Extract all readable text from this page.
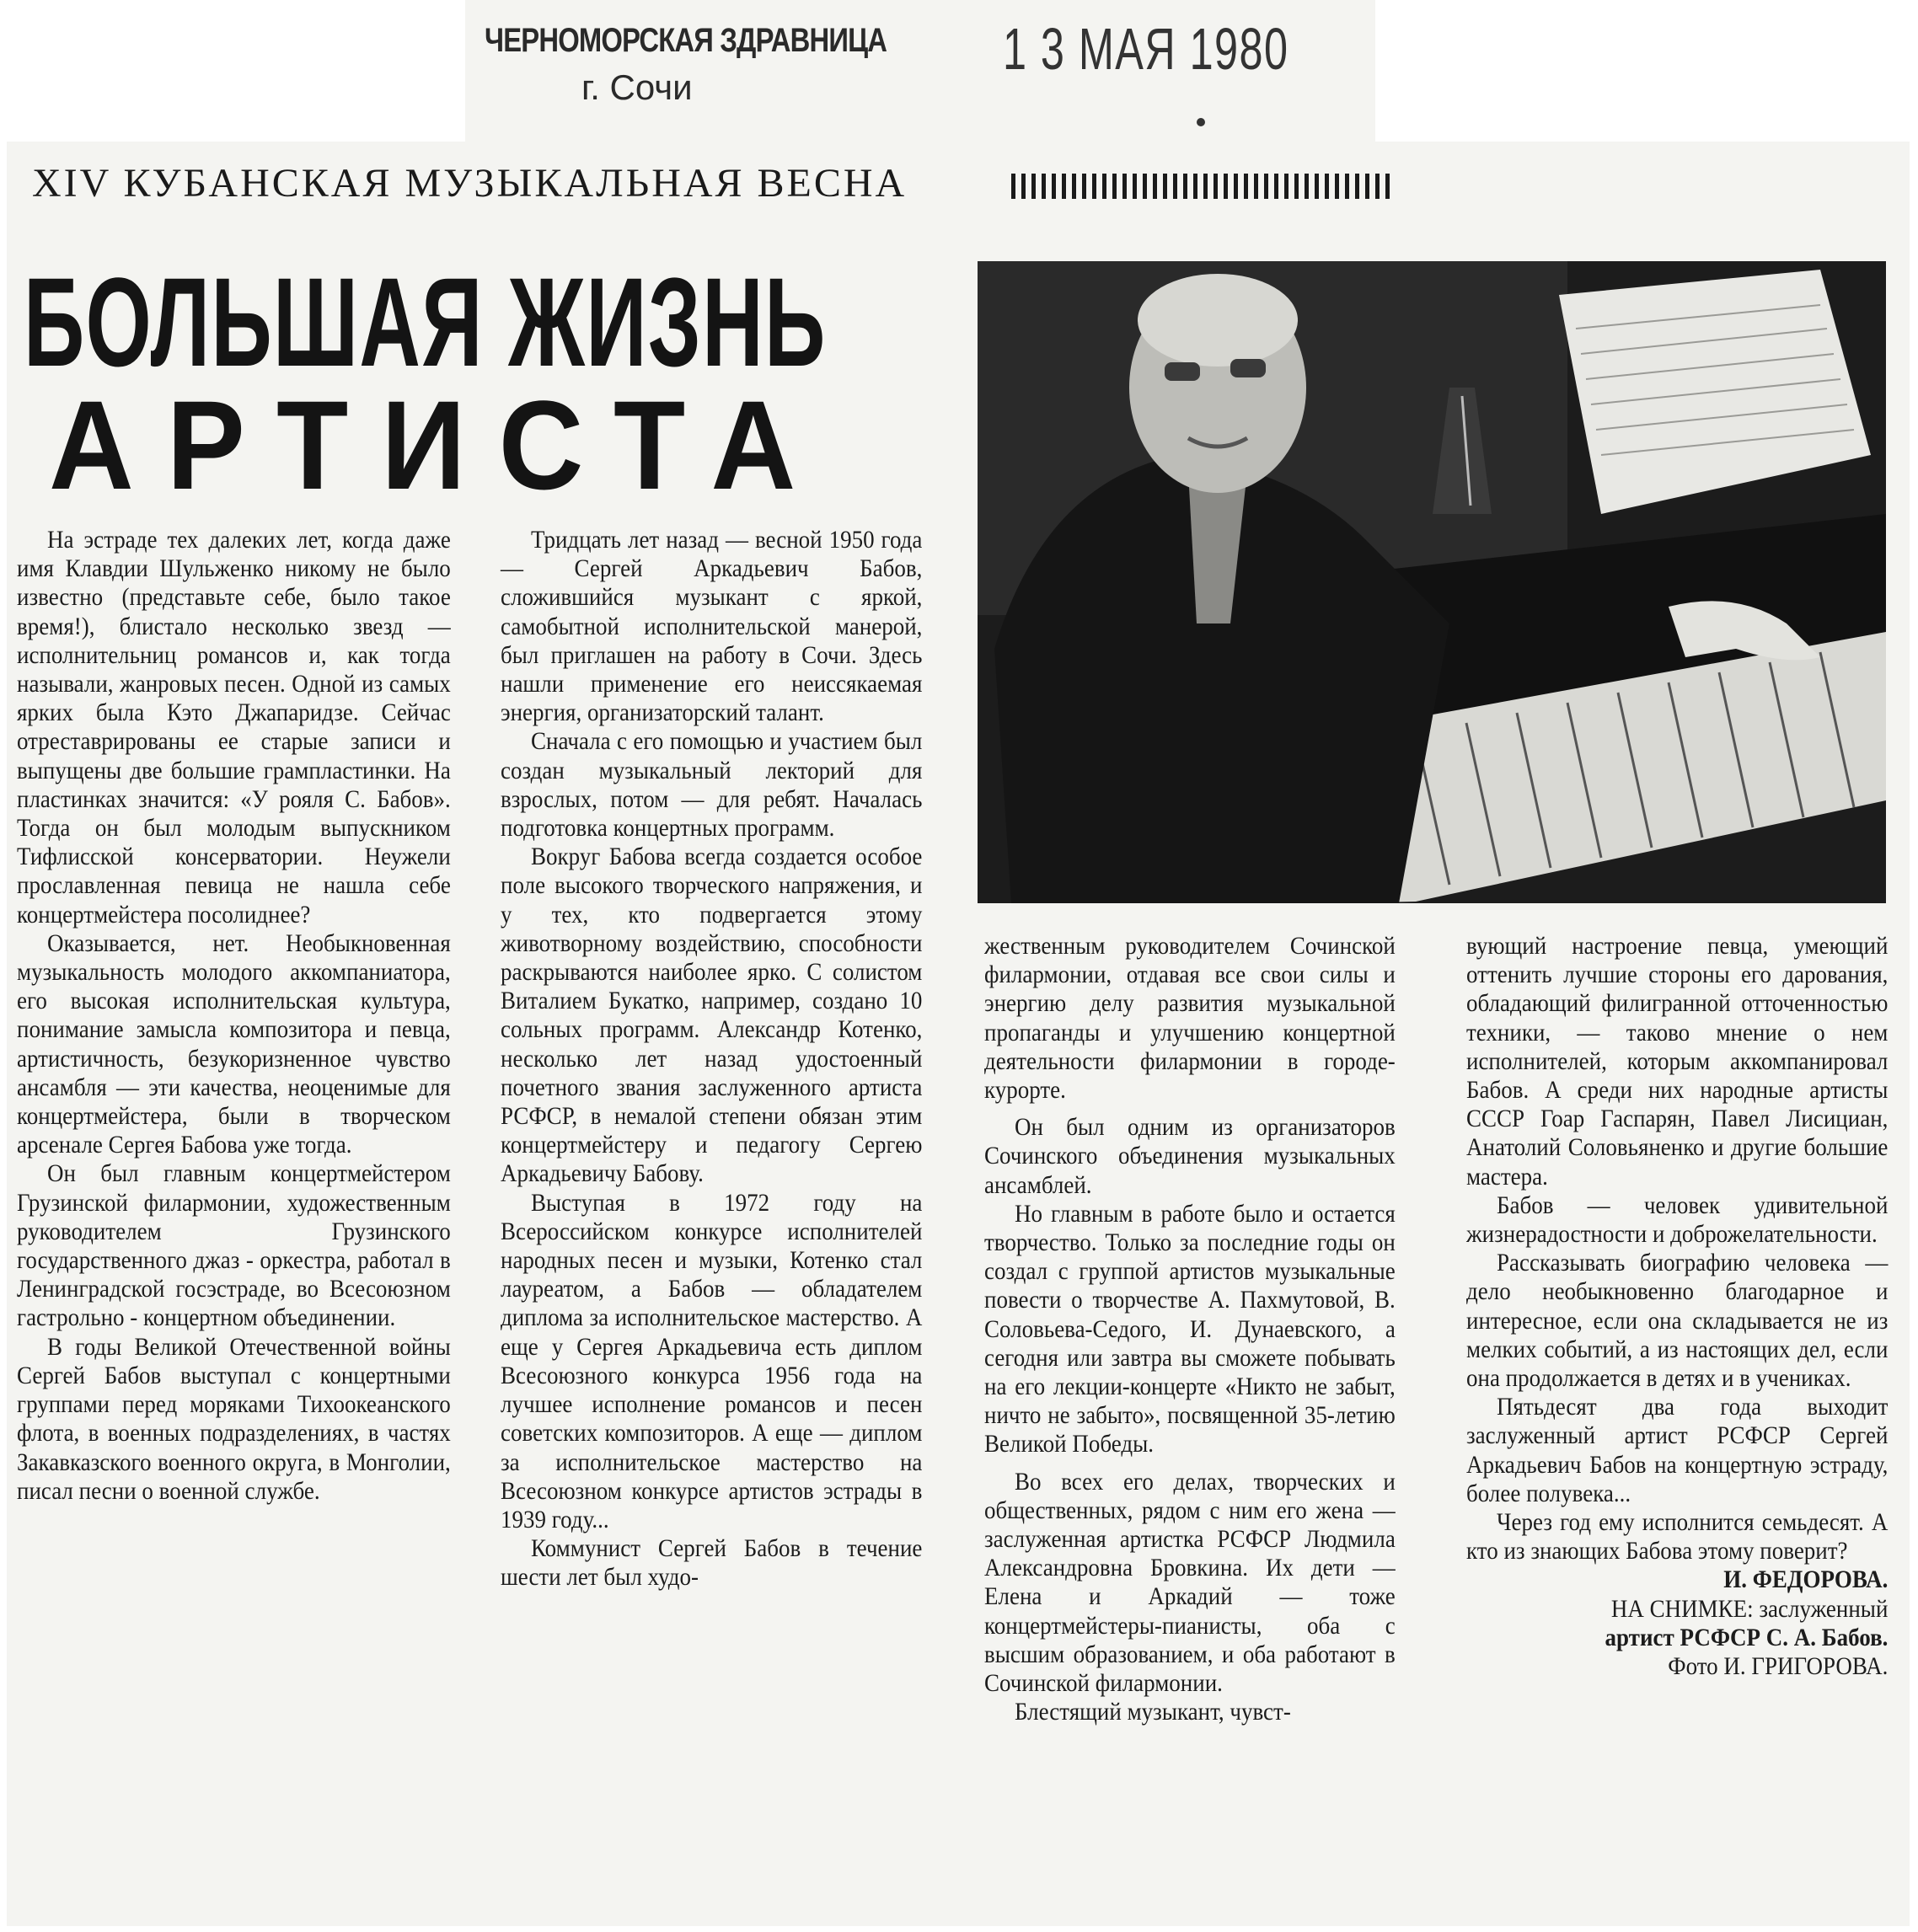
ЧЕРНОМОРСКАЯ ЗДРАВНИЦА
г. Сочи
1 3 МАЯ 1980
XIV КУБАНСКАЯ МУЗЫКАЛЬНАЯ ВЕСНА
БОЛЬШАЯ ЖИЗНЬ
АРТИСТА

На эстраде тех далеких лет, когда даже имя Клавдии Шульженко никому не было известно (представьте себе, было такое время!), блистало несколько звезд — исполнительниц романсов и, как тогда называли, жанровых песен. Одной из самых ярких была Кэто Джапаридзе. Сейчас отреставрированы ее старые записи и выпущены две большие грампластинки. На пластинках значится: «У рояля С. Бабов». Тогда он был молодым выпускником Тифлисской консерватории. Неужели прославленная певица не нашла себе концертмейстера посолиднее?

Оказывается, нет. Необыкновенная музыкальность молодого аккомпаниатора, его высокая исполнительская культура, понимание замысла композитора и певца, артистичность, безукоризненное чувство ансамбля — эти качества, неоценимые для концертмейстера, были в творческом арсенале Сергея Бабова уже тогда.

Он был главным концертмейстером Грузинской филармонии, художественным руководителем Грузинского государственного джаз - оркестра, работал в Ленинградской госэстраде, во Всесоюзном гастрольно - концертном объединении.

В годы Великой Отечественной войны Сергей Бабов выступал с концертными группами перед моряками Тихоокеанского флота, в военных подразделениях, в частях Закавказского военного округа, в Монголии, писал песни о военной службе.

Тридцать лет назад — весной 1950 года — Сергей Аркадьевич Бабов, сложившийся музыкант с яркой, самобытной исполнительской манерой, был приглашен на работу в Сочи. Здесь нашли применение его неиссякаемая энергия, организаторский талант.

Сначала с его помощью и участием был создан музыкальный лекторий для взрослых, потом — для ребят. Началась подготовка концертных программ.

Вокруг Бабова всегда создается особое поле высокого творческого напряжения, и у тех, кто подвергается этому животворному воздействию, способности раскрываются наиболее ярко. С солистом Виталием Букатко, например, создано 10 сольных программ. Александр Котенко, несколько лет назад удостоенный почетного звания заслуженного артиста РСФСР, в немалой степени обязан этим концертмейстеру и педагогу Сергею Аркадьевичу Бабову.

Выступая в 1972 году на Всероссийском конкурсе исполнителей народных песен и музыки, Котенко стал лауреатом, а Бабов — обладателем диплома за исполнительское мастерство. А еще у Сергея Аркадьевича есть диплом Всесоюзного конкурса 1956 года на лучшее исполнение романсов и песен советских композиторов. А еще — диплом за исполнительское мастерство на Всесоюзном конкурсе артистов эстрады в 1939 году...

Коммунист Сергей Бабов в течение шести лет был худо-

жественным руководителем Сочинской филармонии, отдавая все свои силы и энергию делу развития музыкальной пропаганды и улучшению концертной деятельности филармонии в городе-курорте.

Он был одним из организаторов Сочинского объединения музыкальных ансамблей.

Но главным в работе было и остается творчество. Только за последние годы он создал с группой артистов музыкальные повести о творчестве А. Пахмутовой, В. Соловьева-Седого, И. Дунаевского, а сегодня или завтра вы сможете побывать на его лекции-концерте «Никто не забыт, ничто не забыто», посвященной 35-летию Великой Победы.

Во всех его делах, творческих и общественных, рядом с ним его жена — заслуженная артистка РСФСР Людмила Александровна Бровкина. Их дети — Елена и Аркадий — тоже концертмейстеры-пианисты, оба с высшим образованием, и оба работают в Сочинской филармонии.

Блестящий музыкант, чувст-

вующий настроение певца, умеющий оттенить лучшие стороны его дарования, обладающий филигранной отточенностью техники, — таково мнение о нем исполнителей, которым аккомпанировал Бабов. А среди них народные артисты СССР Гоар Гаспарян, Павел Лисициан, Анатолий Соловьяненко и другие большие мастера.

Бабов — человек удивительной жизнерадостности и доброжелательности.

Рассказывать биографию человека — дело необыкновенно благодарное и интересное, если она складывается не из мелких событий, а из настоящих дел, если она продолжается в детях и в учениках.

Пятьдесят два года выходит заслуженный артист РСФСР Сергей Аркадьевич Бабов на концертную эстраду, более полувека...

Через год ему исполнится семьдесят. А кто из знающих Бабова этому поверит?

И. ФЕДОРОВА.

НА СНИМКЕ: заслуженный

артист РСФСР С. А. Бабов.

Фото И. ГРИГОРОВА.
